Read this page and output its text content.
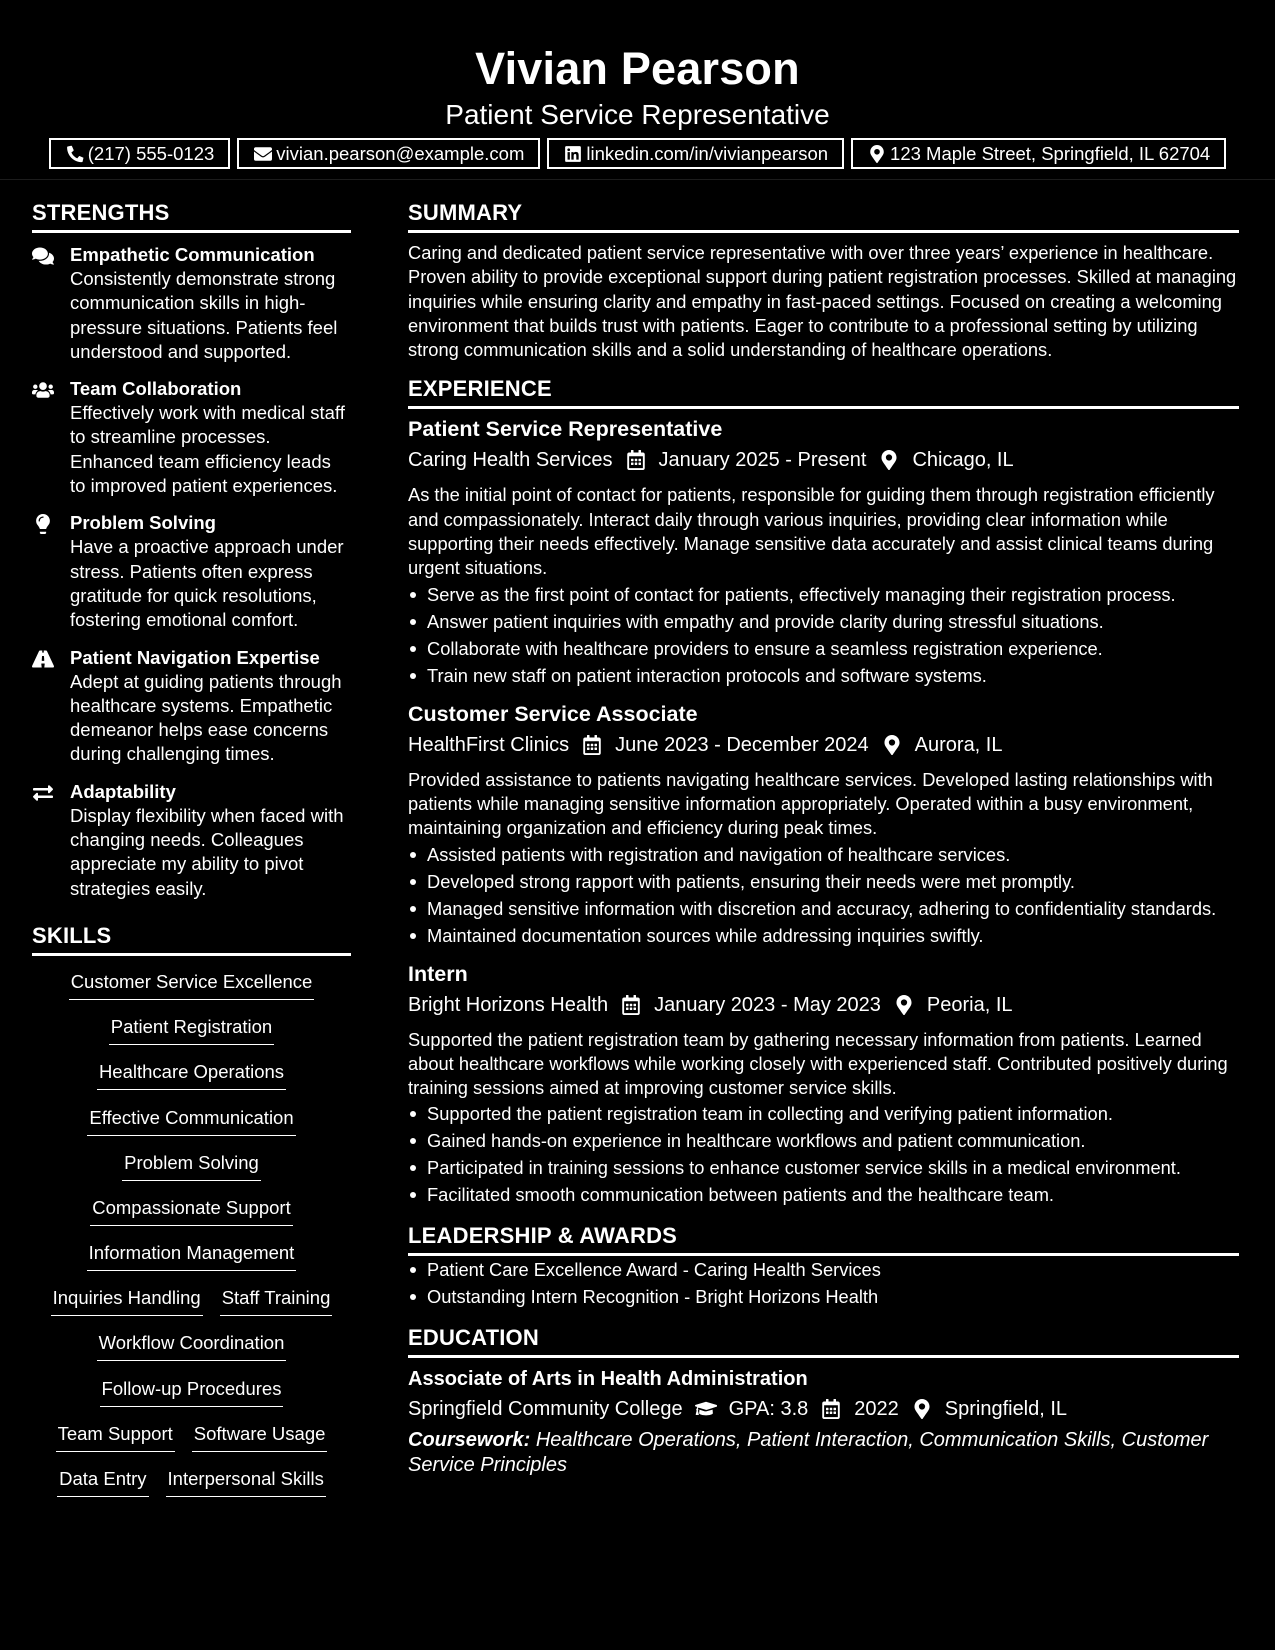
Vivian Pearson
Patient Service Representative
(217) 555-0123	vivian.pearson@example.com	linkedin.com/in/vivianpearson	123 Maple Street, Springfield, IL 62704
STRENGTHS
Empathetic Communication
Consistently demonstrate strong communication skills in high-pressure situations. Patients feel understood and supported.
Team Collaboration
Effectively work with medical staff to streamline processes. Enhanced team efficiency leads to improved patient experiences.
Problem Solving
Have a proactive approach under stress. Patients often express gratitude for quick resolutions, fostering emotional comfort.
Patient Navigation Expertise
Adept at guiding patients through healthcare systems. Empathetic demeanor helps ease concerns during challenging times.
Adaptability
Display flexibility when faced with changing needs. Colleagues appreciate my ability to pivot strategies easily.
SKILLS
Customer Service Excellence
Patient Registration
Healthcare Operations
Effective Communication
Problem Solving
Compassionate Support
Information Management
Inquiries Handling Staff Training
Workflow Coordination
Follow-up Procedures
Team Support Software Usage
Data Entry Interpersonal Skills
SUMMARY
Caring and dedicated patient service representative with over three years’ experience in healthcare. Proven ability to provide exceptional support during patient registration processes. Skilled at managing inquiries while ensuring clarity and empathy in fast-paced settings. Focused on creating a welcoming environment that builds trust with patients. Eager to contribute to a professional setting by utilizing strong communication skills and a solid understanding of healthcare operations.
EXPERIENCE
Patient Service Representative
Caring Health Services January 2025 - Present Chicago, IL
As the initial point of contact for patients, responsible for guiding them through registration efficiently and compassionately. Interact daily through various inquiries, providing clear information while supporting their needs effectively. Manage sensitive data accurately and assist clinical teams during urgent situations.
Serve as the first point of contact for patients, effectively managing their registration process.
Answer patient inquiries with empathy and provide clarity during stressful situations.
Collaborate with healthcare providers to ensure a seamless registration experience.
Train new staff on patient interaction protocols and software systems.
Customer Service Associate
HealthFirst Clinics June 2023 - December 2024 Aurora, IL
Provided assistance to patients navigating healthcare services. Developed lasting relationships with patients while managing sensitive information appropriately. Operated within a busy environment, maintaining organization and efficiency during peak times.
Assisted patients with registration and navigation of healthcare services.
Developed strong rapport with patients, ensuring their needs were met promptly.
Managed sensitive information with discretion and accuracy, adhering to confidentiality standards.
Maintained documentation sources while addressing inquiries swiftly.
Intern
Bright Horizons Health January 2023 - May 2023 Peoria, IL
Supported the patient registration team by gathering necessary information from patients. Learned about healthcare workflows while working closely with experienced staff. Contributed positively during training sessions aimed at improving customer service skills.
Supported the patient registration team in collecting and verifying patient information.
Gained hands-on experience in healthcare workflows and patient communication.
Participated in training sessions to enhance customer service skills in a medical environment.
Facilitated smooth communication between patients and the healthcare team.
LEADERSHIP & AWARDS
Patient Care Excellence Award - Caring Health Services
Outstanding Intern Recognition - Bright Horizons Health
EDUCATION
Associate of Arts in Health Administration
Springfield Community College GPA: 3.8 2022 Springfield, IL
Coursework: Healthcare Operations, Patient Interaction, Communication Skills, Customer Service Principles
